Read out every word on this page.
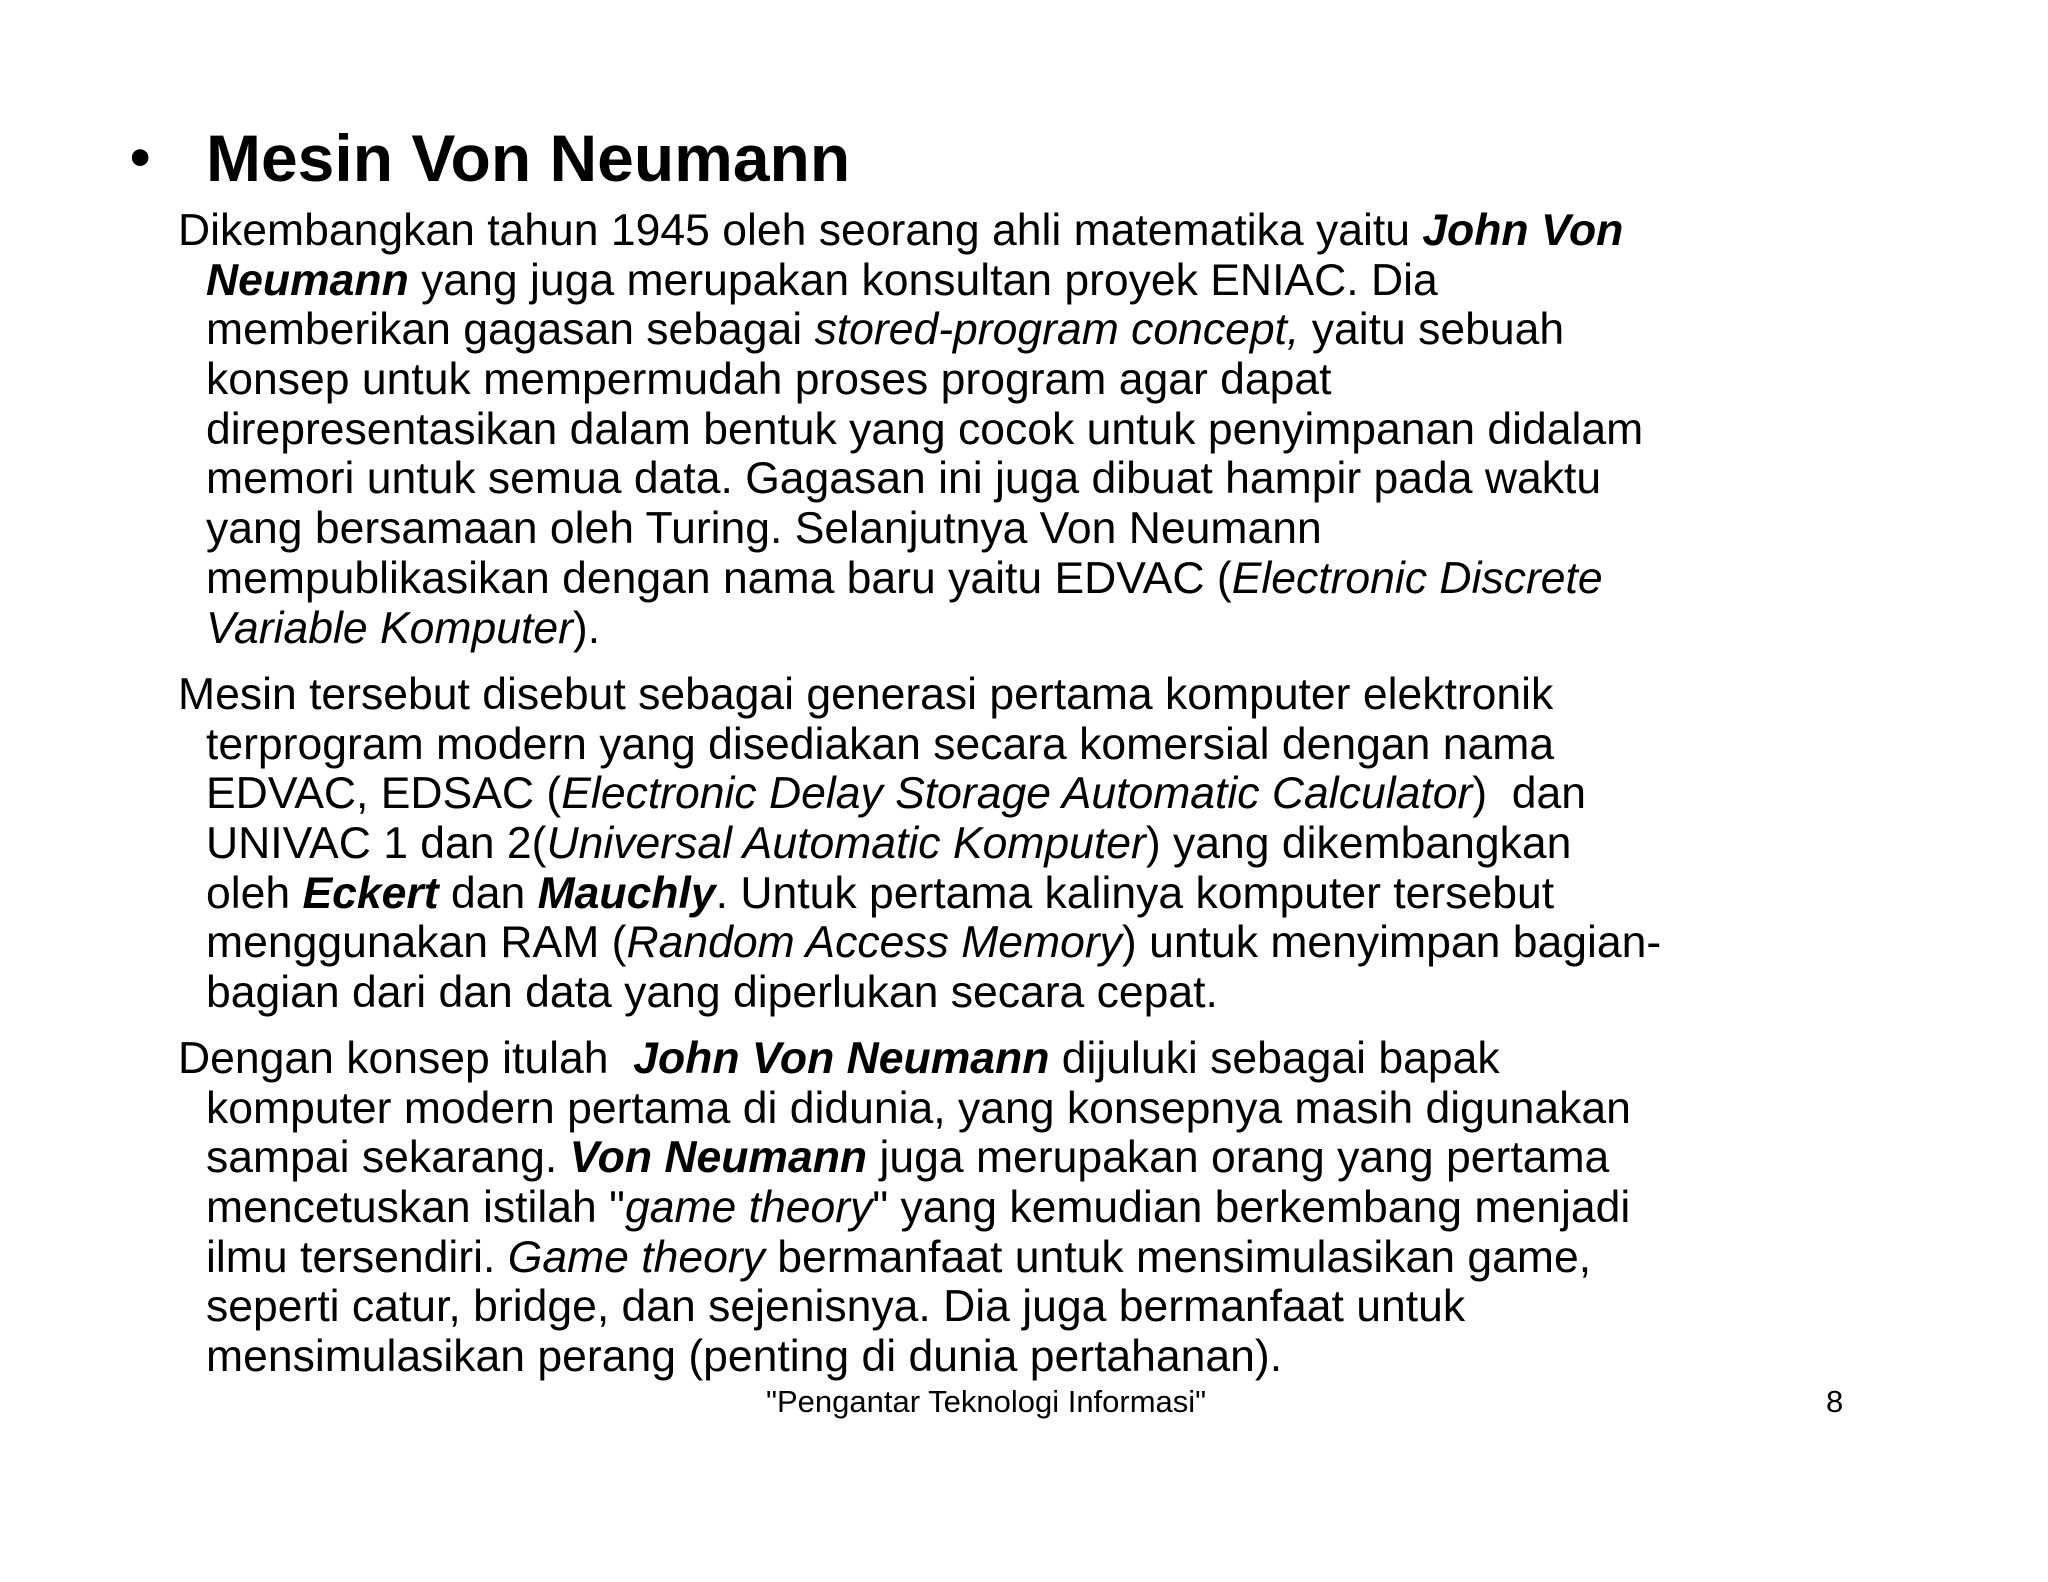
• Mesin Von Neumann
Dikembangkan tahun 1945 oleh seorang ahli matematika yaitu John Von
Neumann yang juga merupakan konsultan proyek ENIAC. Dia
memberikan gagasan sebagai stored-program concept, yaitu sebuah
konsep untuk mempermudah proses program agar dapat
direpresentasikan dalam bentuk yang cocok untuk penyimpanan didalam
memori untuk semua data. Gagasan ini juga dibuat hampir pada waktu
yang bersamaan oleh Turing. Selanjutnya Von Neumann
mempublikasikan dengan nama baru yaitu EDVAC (Electronic Discrete
Variable Komputer).
Mesin tersebut disebut sebagai generasi pertama komputer elektronik
terprogram modern yang disediakan secara komersial dengan nama
EDVAC, EDSAC (Electronic Delay Storage Automatic Calculator)  dan
UNIVAC 1 dan 2(Universal Automatic Komputer) yang dikembangkan
oleh Eckert dan Mauchly. Untuk pertama kalinya komputer tersebut
menggunakan RAM (Random Access Memory) untuk menyimpan bagian-
bagian dari dan data yang diperlukan secara cepat.
Dengan konsep itulah  John Von Neumann dijuluki sebagai bapak
komputer modern pertama di didunia, yang konsepnya masih digunakan
sampai sekarang. Von Neumann juga merupakan orang yang pertama
mencetuskan istilah "game theory" yang kemudian berkembang menjadi
ilmu tersendiri. Game theory bermanfaat untuk mensimulasikan game,
seperti catur, bridge, dan sejenisnya. Dia juga bermanfaat untuk
mensimulasikan perang (penting di dunia pertahanan).
"Pengantar Teknologi Informasi"	8
